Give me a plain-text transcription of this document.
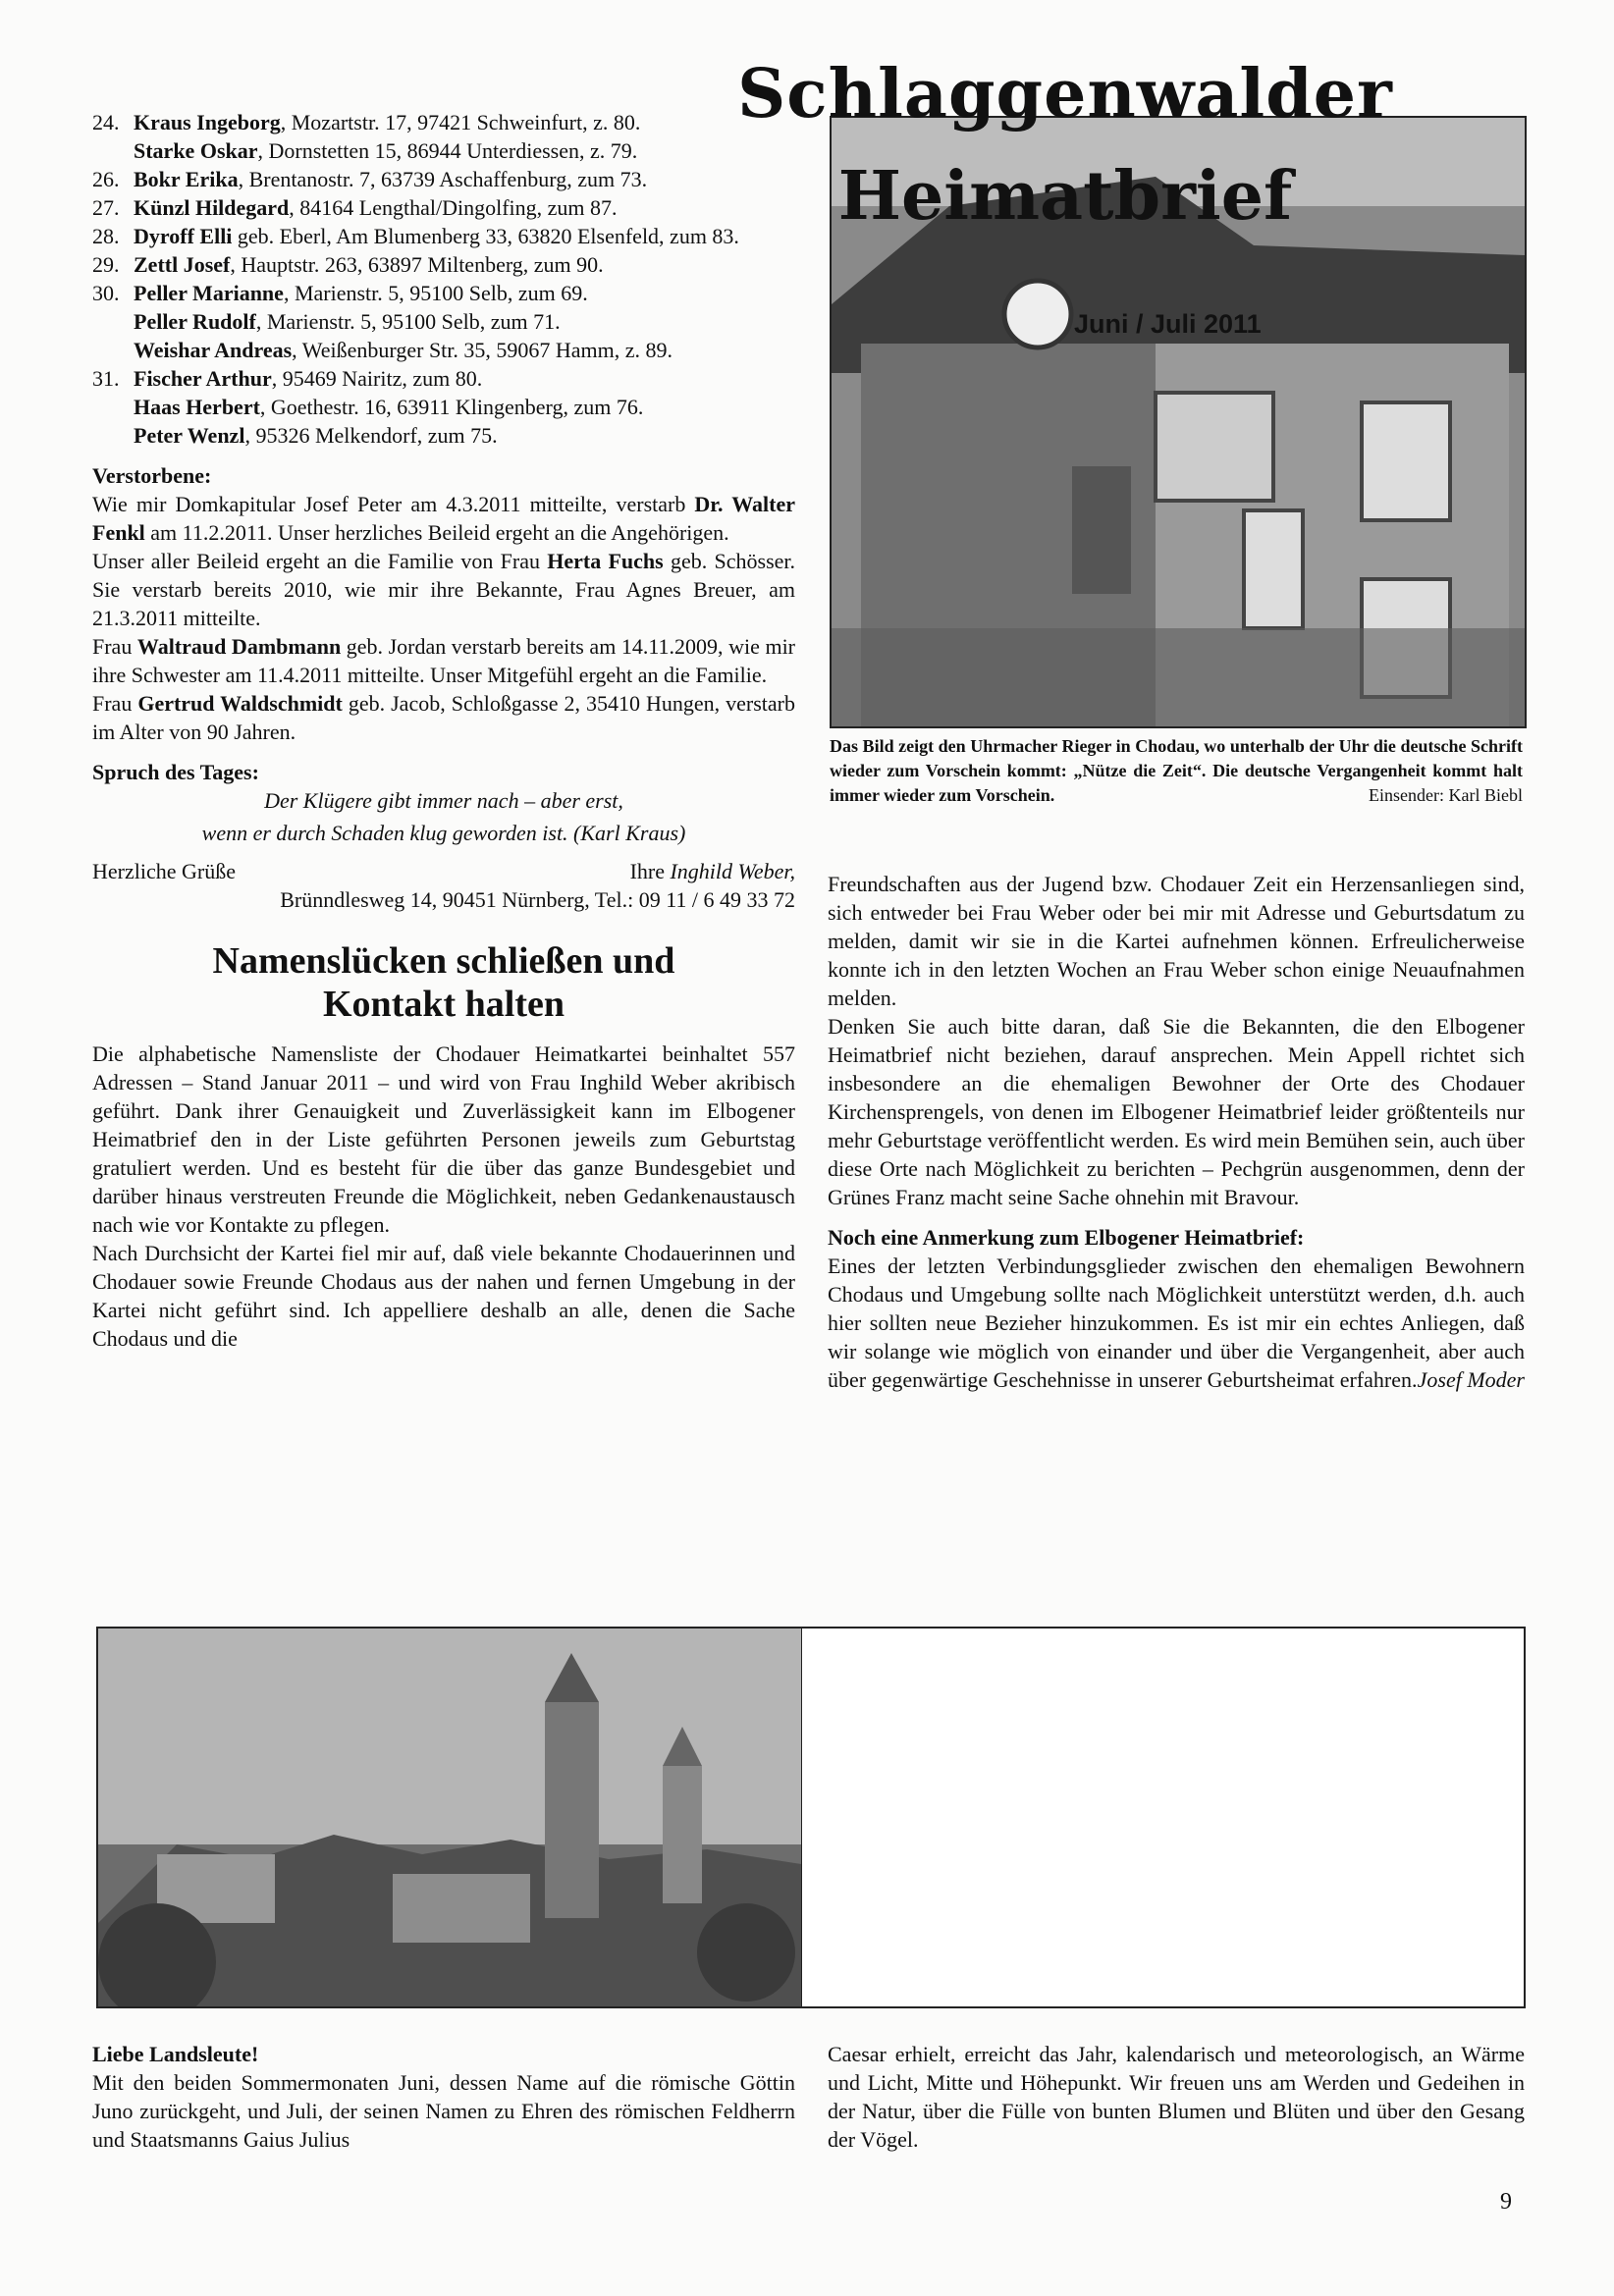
24. Kraus Ingeborg, Mozartstr. 17, 97421 Schweinfurt, z. 80.
Starke Oskar, Dornstetten 15, 86944 Unterdiessen, z. 79.
26. Bokr Erika, Brentanostr. 7, 63739 Aschaffenburg, zum 73.
27. Künzl Hildegard, 84164 Lengthal/Dingolfing, zum 87.
28. Dyroff Elli geb. Eberl, Am Blumenberg 33, 63820 Elsenfeld, zum 83.
29. Zettl Josef, Hauptstr. 263, 63897 Miltenberg, zum 90.
30. Peller Marianne, Marienstr. 5, 95100 Selb, zum 69.
Peller Rudolf, Marienstr. 5, 95100 Selb, zum 71.
Weishar Andreas, Weißenburger Str. 35, 59067 Hamm, z. 89.
31. Fischer Arthur, 95469 Nairitz, zum 80.
Haas Herbert, Goethestr. 16, 63911 Klingenberg, zum 76.
Peter Wenzl, 95326 Melkendorf, zum 75.
Verstorbene:

Wie mir Domkapitular Josef Peter am 4.3.2011 mitteilte, verstarb Dr. Walter Fenkl am 11.2.2011. Unser herzliches Beileid ergeht an die Angehörigen.

Unser aller Beileid ergeht an die Familie von Frau Herta Fuchs geb. Schösser. Sie verstarb bereits 2010, wie mir ihre Bekannte, Frau Agnes Breuer, am 21.3.2011 mitteilte.

Frau Waltraud Dambmann geb. Jordan verstarb bereits am 14.11.2009, wie mir ihre Schwester am 11.4.2011 mitteilte. Unser Mitgefühl ergeht an die Familie.

Frau Gertrud Waldschmidt geb. Jacob, Schloßgasse 2, 35410 Hungen, verstarb im Alter von 90 Jahren.

Spruch des Tages:

Der Klügere gibt immer nach – aber erst,

wenn er durch Schaden klug geworden ist. (Karl Kraus)

Herzliche Grüße	Ihre Inghild Weber,

Brünndlesweg 14, 90451 Nürnberg, Tel.: 09 11 / 6 49 33 72

Namenslücken schließen und
Kontakt halten

Die alphabetische Namensliste der Chodauer Heimatkartei beinhaltet 557 Adressen – Stand Januar 2011 – und wird von Frau Inghild Weber akribisch geführt. Dank ihrer Genauigkeit und Zuverlässigkeit kann im Elbogener Heimatbrief den in der Liste geführten Personen jeweils zum Geburtstag gratuliert werden. Und es besteht für die über das ganze Bundesgebiet und darüber hinaus verstreuten Freunde die Möglichkeit, neben Gedankenaustausch nach wie vor Kontakte zu pflegen.

Nach Durchsicht der Kartei fiel mir auf, daß viele bekannte Chodauerinnen und Chodauer sowie Freunde Chodaus aus der nahen und fernen Umgebung in der Kartei nicht geführt sind. Ich appelliere deshalb an alle, denen die Sache Chodaus und die

Das Bild zeigt den Uhrmacher Rieger in Chodau, wo unterhalb der Uhr die deutsche Schrift wieder zum Vorschein kommt: „Nütze die Zeit“. Die deutsche Vergangenheit kommt halt immer wieder zum Vorschein.	Einsender: Karl Biebl

Freundschaften aus der Jugend bzw. Chodauer Zeit ein Herzensanliegen sind, sich entweder bei Frau Weber oder bei mir mit Adresse und Geburtsdatum zu melden, damit wir sie in die Kartei aufnehmen können. Erfreulicherweise konnte ich in den letzten Wochen an Frau Weber schon einige Neuaufnahmen melden.

Denken Sie auch bitte daran, daß Sie die Bekannten, die den Elbogener Heimatbrief nicht beziehen, darauf ansprechen. Mein Appell richtet sich insbesondere an die ehemaligen Bewohner der Orte des Chodauer Kirchensprengels, von denen im Elbogener Heimatbrief leider größtenteils nur mehr Geburtstage veröffentlicht werden. Es wird mein Bemühen sein, auch über diese Orte nach Möglichkeit zu berichten – Pechgrün ausgenommen, denn der Grünes Franz macht seine Sache ohnehin mit Bravour.

Noch eine Anmerkung zum Elbogener Heimatbrief:

Eines der letzten Verbindungsglieder zwischen den ehemaligen Bewohnern Chodaus und Umgebung sollte nach Möglichkeit unterstützt werden, d.h. auch hier sollten neue Bezieher hinzukommen. Es ist mir ein echtes Anliegen, daß wir solange wie möglich von einander und über die Vergangenheit, aber auch über gegenwärtige Geschehnisse in unserer Geburtsheimat erfahren. Josef Moder

Schlaggenwalder
Heimatbrief
Juni / Juli 2011
Liebe Landsleute!

Mit den beiden Sommermonaten Juni, dessen Name auf die römische Göttin Juno zurückgeht, und Juli, der seinen Namen zu Ehren des römischen Feldherrn und Staatsmanns Gaius Julius

Caesar erhielt, erreicht das Jahr, kalendarisch und meteorologisch, an Wärme und Licht, Mitte und Höhepunkt. Wir freuen uns am Werden und Gedeihen in der Natur, über die Fülle von bunten Blumen und Blüten und über den Gesang der Vögel.

9
